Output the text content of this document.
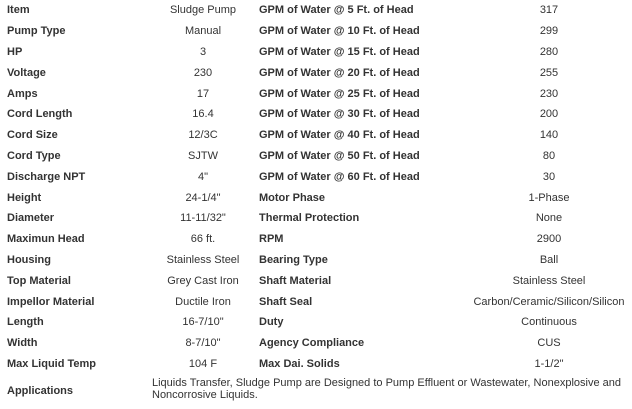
Item	Sludge Pump	GPM of Water @ 5 Ft. of Head	317
Pump Type	Manual	GPM of Water @ 10 Ft. of Head	299
HP	3	GPM of Water @ 15 Ft. of Head	280
Voltage	230	GPM of Water @ 20 Ft. of Head	255
Amps	17	GPM of Water @ 25 Ft. of Head	230
Cord Length	16.4	GPM of Water @ 30 Ft. of Head	200
Cord Size	12/3C	GPM of Water @ 40 Ft. of Head	140
Cord Type	SJTW	GPM of Water @ 50 Ft. of Head	80
Discharge NPT	4"	GPM of Water @ 60 Ft. of Head	30
Height	24-1/4"	Motor Phase	1-Phase
Diameter	11-11/32"	Thermal Protection	None
Maximun Head	66 ft.	RPM	2900
Housing	Stainless Steel	Bearing Type	Ball
Top Material	Grey Cast Iron	Shaft Material	Stainless Steel
Impellor Material	Ductile Iron	Shaft Seal	Carbon/Ceramic/Silicon/Silicon
Length	16-7/10"	Duty	Continuous
Width	8-7/10"	Agency Compliance	CUS
Max Liquid Temp	104 F	Max Dai. Solids	1-1/2"
Applications
Liquids Transfer, Sludge Pump are Designed to Pump Effluent or Wastewater, Nonexplosive and Noncorrosive Liquids.
